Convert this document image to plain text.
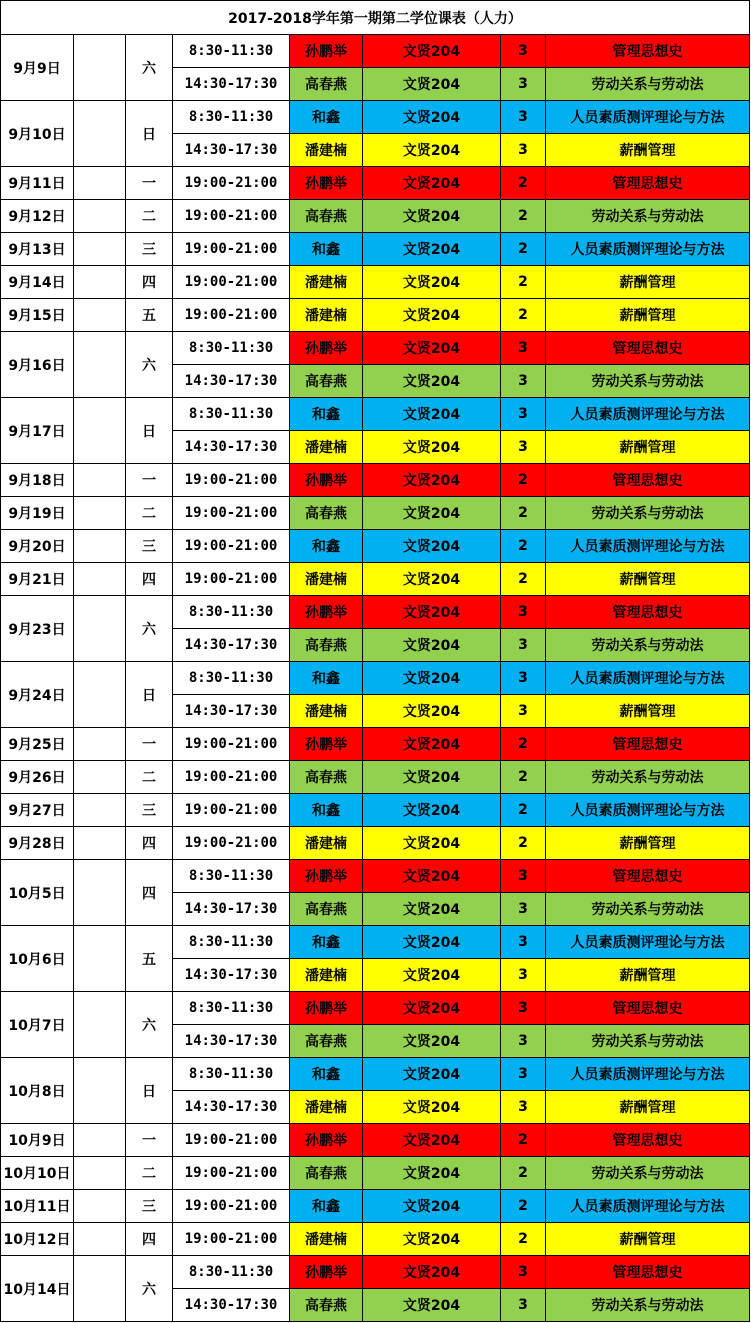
2017-2018学年第一期第二学位课表（人力）							
9月9日		六	8:30-11:30	孙鹏举	文贤204	3	管理思想史
			14:30-17:30	高春燕	文贤204	3	劳动关系与劳动法
9月10日		日	8:30-11:30	和鑫	文贤204	3	人员素质测评理论与方法
			14:30-17:30	潘建楠	文贤204	3	薪酬管理
9月11日		一	19:00-21:00	孙鹏举	文贤204	2	管理思想史
9月12日		二	19:00-21:00	高春燕	文贤204	2	劳动关系与劳动法
9月13日		三	19:00-21:00	和鑫	文贤204	2	人员素质测评理论与方法
9月14日		四	19:00-21:00	潘建楠	文贤204	2	薪酬管理
9月15日		五	19:00-21:00	潘建楠	文贤204	2	薪酬管理
9月16日		六	8:30-11:30	孙鹏举	文贤204	3	管理思想史
			14:30-17:30	高春燕	文贤204	3	劳动关系与劳动法
9月17日		日	8:30-11:30	和鑫	文贤204	3	人员素质测评理论与方法
			14:30-17:30	潘建楠	文贤204	3	薪酬管理
9月18日		一	19:00-21:00	孙鹏举	文贤204	2	管理思想史
9月19日		二	19:00-21:00	高春燕	文贤204	2	劳动关系与劳动法
9月20日		三	19:00-21:00	和鑫	文贤204	2	人员素质测评理论与方法
9月21日		四	19:00-21:00	潘建楠	文贤204	2	薪酬管理
9月23日		六	8:30-11:30	孙鹏举	文贤204	3	管理思想史
			14:30-17:30	高春燕	文贤204	3	劳动关系与劳动法
9月24日		日	8:30-11:30	和鑫	文贤204	3	人员素质测评理论与方法
			14:30-17:30	潘建楠	文贤204	3	薪酬管理
9月25日		一	19:00-21:00	孙鹏举	文贤204	2	管理思想史
9月26日		二	19:00-21:00	高春燕	文贤204	2	劳动关系与劳动法
9月27日		三	19:00-21:00	和鑫	文贤204	2	人员素质测评理论与方法
9月28日		四	19:00-21:00	潘建楠	文贤204	2	薪酬管理
10月5日		四	8:30-11:30	孙鹏举	文贤204	3	管理思想史
			14:30-17:30	高春燕	文贤204	3	劳动关系与劳动法
10月6日		五	8:30-11:30	和鑫	文贤204	3	人员素质测评理论与方法
			14:30-17:30	潘建楠	文贤204	3	薪酬管理
10月7日		六	8:30-11:30	孙鹏举	文贤204	3	管理思想史
			14:30-17:30	高春燕	文贤204	3	劳动关系与劳动法
10月8日		日	8:30-11:30	和鑫	文贤204	3	人员素质测评理论与方法
			14:30-17:30	潘建楠	文贤204	3	薪酬管理
10月9日		一	19:00-21:00	孙鹏举	文贤204	2	管理思想史
10月10日		二	19:00-21:00	高春燕	文贤204	2	劳动关系与劳动法
10月11日		三	19:00-21:00	和鑫	文贤204	2	人员素质测评理论与方法
10月12日		四	19:00-21:00	潘建楠	文贤204	2	薪酬管理
10月14日		六	8:30-11:30	孙鹏举	文贤204	3	管理思想史
			14:30-17:30	高春燕	文贤204	3	劳动关系与劳动法
